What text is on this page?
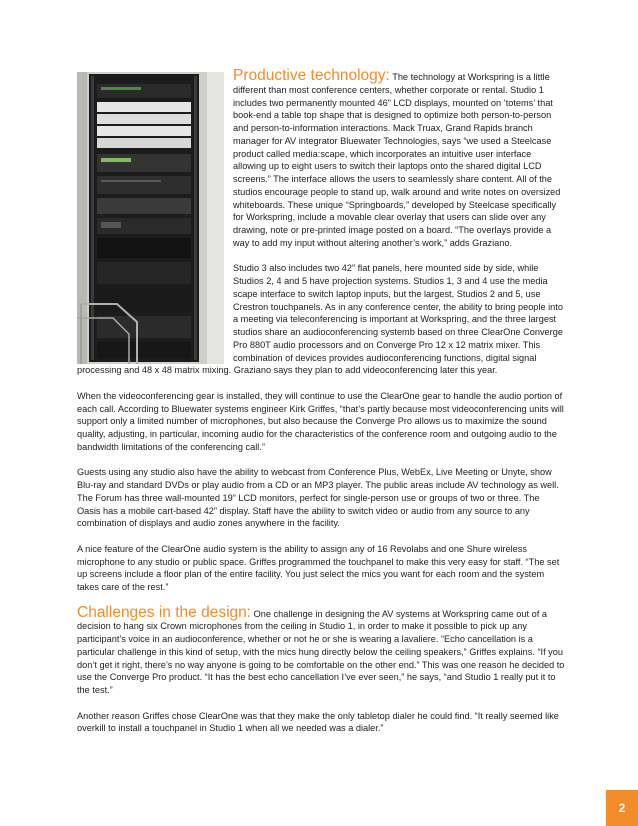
Productive technology: The technology at Workspring is a little different than most conference centers, whether corporate or rental. Studio 1 includes two permanently mounted 46” LCD displays, mounted on ‘totems’ that book-end a table top shape that is designed to optimize both person-to-person and person-to-information interactions. Mack Truax, Grand Rapids branch manager for AV integrator Bluewater Technologies, says “we used a Steelcase product called media:scape, which incorporates an intuitive user interface allowing up to eight users to switch their laptops onto the shared digital LCD screens.” The interface allows the users to seamlessly share content. All of the studios encourage people to stand up, walk around and write notes on oversized whiteboards. These unique “Springboards,” developed by Steelcase specifically for Workspring, include a movable clear overlay that users can slide over any drawing, note or pre-printed image posted on a board. “The overlays provide a way to add my input without altering another’s work,” adds Graziano.

Studio 3 also includes two 42” flat panels, here mounted side by side, while Studios 2, 4 and 5 have projection systems. Studios 1, 3 and 4 use the media scape interface to switch laptop inputs, but the largest, Studios 2 and 5, use Crestron touchpanels. As in any conference center, the ability to bring people into a meeting via teleconferencing is important at Workspring, and the three largest studios share an audioconferencing systemb based on three ClearOne Converge Pro 880T audio processors and on Converge Pro 12 x 12 matrix mixer. This combination of devices provides audioconferencing functions, digital signal processing and 48 x 48 matrix mixing. Graziano says they plan to add videoconferencing later this year.

When the videoconferencing gear is installed, they will continue to use the ClearOne gear to handle the audio portion of each call. According to Bluewater systems engineer Kirk Griffes, “that’s partly because most videoconferencing units will support only a limited number of microphones, but also because the Converge Pro allows us to maximize the sound quality, adjusting, in particular, incoming audio for the characteristics of the conference room and outgoing audio to the bandwidth limitations of the conferencing call.”

Guests using any studio also have the ability to webcast from Conference Plus, WebEx, Live Meeting or Unyte, show Blu-ray and standard DVDs or play audio from a CD or an MP3 player. The public areas include AV technology as well. The Forum has three wall-mounted 19” LCD monitors, perfect for single-person use or groups of two or three. The Oasis has a mobile cart-based 42” display. Staff have the ability to switch video or audio from any source to any combination of displays and audio zones anywhere in the facility.

A nice feature of the ClearOne audio system is the ability to assign any of 16 Revolabs and one Shure wireless microphone to any studio or public space. Griffes programmed the touchpanel to make this very easy for staff. “The set up screens include a floor plan of the entire facility. You just select the mics you want for each room and the system takes care of the rest.”

Challenges in the design: One challenge in designing the AV systems at Workspring came out of a decision to hang six Crown microphones from the ceiling in Studio 1, in order to make it possible to pick up any participant’s voice in an audioconference, whether or not he or she is wearing a lavaliere. “Echo cancellation is a particular challenge in this kind of setup, with the mics hung directly below the ceiling speakers,” Griffes explains. “If you don’t get it right, there’s no way anyone is going to be comfortable on the other end.” This was one reason he decided to use the Converge Pro product. “It has the best echo cancellation I’ve ever seen,” he says, “and Studio 1 really put it to the test.”

Another reason Griffes chose ClearOne was that they make the only tabletop dialer he could find. “It really seemed like overkill to install a touchpanel in Studio 1 when all we needed was a dialer.”

2
